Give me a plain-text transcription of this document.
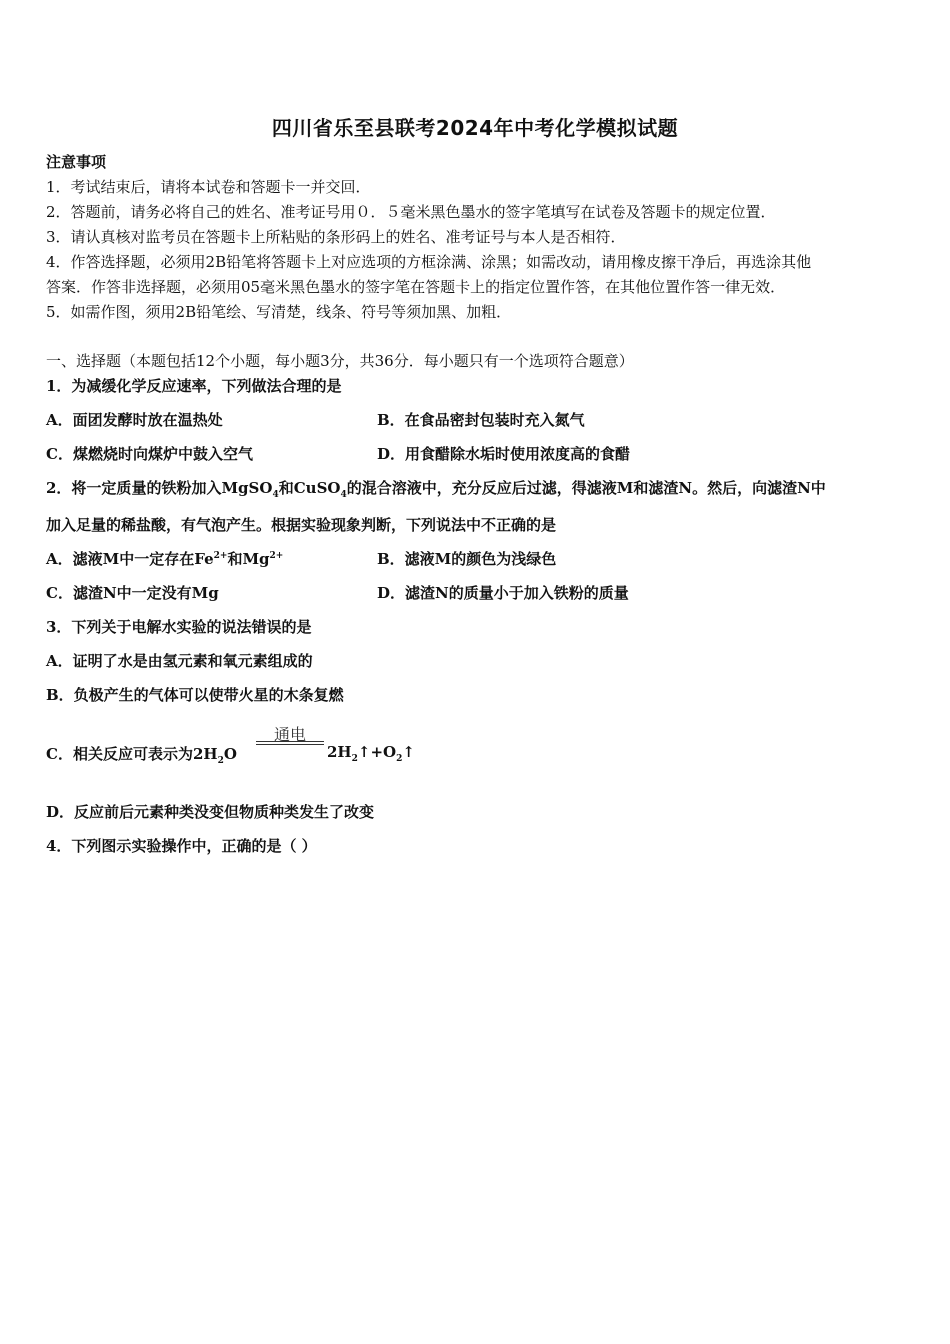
四川省乐至县联考2024年中考化学模拟试题
注意事项
1．考试结束后，请将本试卷和答题卡一并交回．
2．答题前，请务必将自己的姓名、准考证号用０．５毫米黑色墨水的签字笔填写在试卷及答题卡的规定位置．
3．请认真核对监考员在答题卡上所粘贴的条形码上的姓名、准考证号与本人是否相符．
4．作答选择题，必须用2B铅笔将答题卡上对应选项的方框涂满、涂黑；如需改动，请用橡皮擦干净后，再选涂其他
答案．作答非选择题，必须用05毫米黑色墨水的签字笔在答题卡上的指定位置作答，在其他位置作答一律无效．
5．如需作图，须用2B铅笔绘、写清楚，线条、符号等须加黑、加粗．
一、选择题（本题包括12个小题，每小题3分，共36分．每小题只有一个选项符合题意）
1．为减缓化学反应速率，下列做法合理的是
A．面团发酵时放在温热处	B．在食品密封包装时充入氮气
C．煤燃烧时向煤炉中鼓入空气	D．用食醋除水垢时使用浓度高的食醋
2．将一定质量的铁粉加入MgSO$_4$和CuSO$_4$的混合溶液中，充分反应后过滤，得滤液M和滤渣N。然后，向滤渣N中
加入足量的稀盐酸，有气泡产生。根据实验现象判断，下列说法中不正确的是
A．滤液M中一定存在$Fe^{2+}$和$Mg^{2+}$	B．滤液M的颜色为浅绿色
C．滤渣N中一定没有Mg	D．滤渣N的质量小于加入铁粉的质量
3．下列关于电解水实验的说法错误的是
A．证明了水是由氢元素和氧元素组成的
B．负极产生的气体可以使带火星的木条复燃
C．相关反应可表示为$2H_2O$
通电
$2H_2↑+O_2↑$
D．反应前后元素种类没变但物质种类发生了改变
4．下列图示实验操作中，正确的是（ ）
